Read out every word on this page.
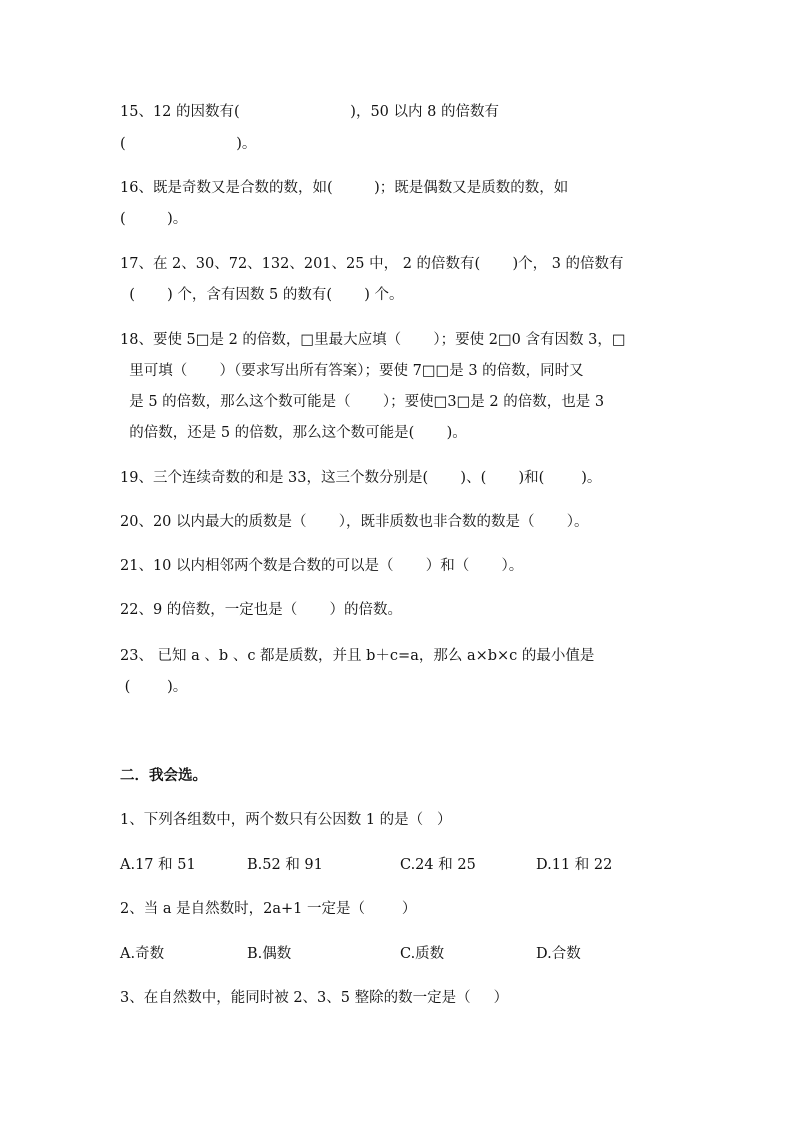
15、12 的因数有(                        )，50 以内 8 的倍数有
(                        )。
16、既是奇数又是合数的数，如(         )；既是偶数又是质数的数，如
(         )。
17、在 2、30、72、132、201、25 中， 2 的倍数有(       )个， 3 的倍数有
(       ) 个，含有因数 5 的数有(       ) 个。
18、要使 5□是 2 的倍数，□里最大应填（       ）；要使 2□0 含有因数 3，□
里可填（       ）（要求写出所有答案）；要使 7□□是 3 的倍数，同时又
是 5 的倍数，那么这个数可能是（       ）；要使□3□是 2 的倍数，也是 3
的倍数，还是 5 的倍数，那么这个数可能是(       )。
19、三个连续奇数的和是 33，这三个数分别是(       )、(       )和(        )。
20、20 以内最大的质数是（       ），既非质数也非合数的数是（       ）。
21、10 以内相邻两个数是合数的可以是（       ）和（       ）。
22、9 的倍数，一定也是（       ）的倍数。
23、 已知 a 、b 、c 都是质数，并且 b＋c=a，那么 a×b×c 的最小值是
(        )。
二．我会选。
1、下列各组数中，两个数只有公因数 1 的是（   ）
A.17 和 51	B.52 和 91	C.24 和 25	D.11 和 22
2、当 a 是自然数时，2a+1 一定是（        ）
A.奇数	B.偶数	C.质数	D.合数
3、在自然数中，能同时被 2、3、5 整除的数一定是（     ）
